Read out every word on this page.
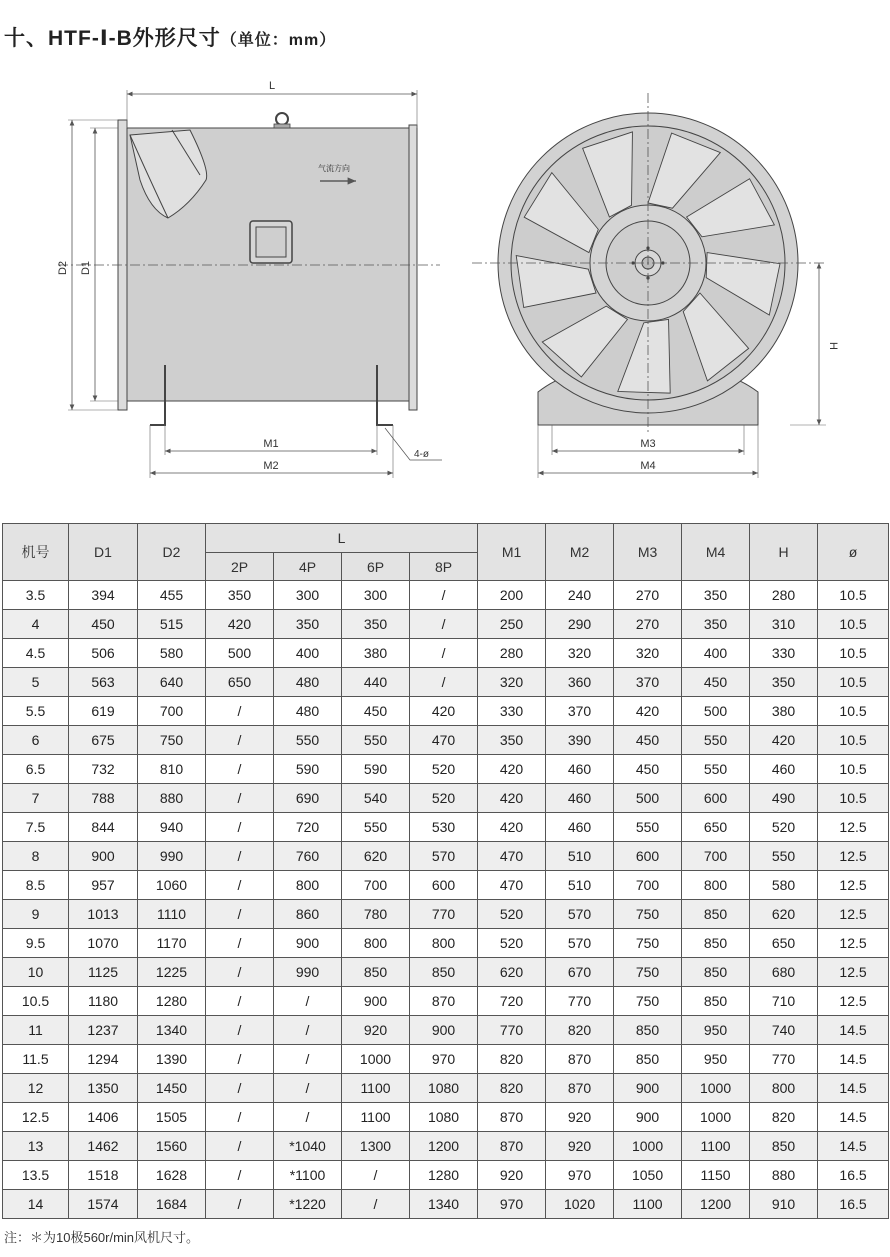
十、HTF-Ⅰ-B外形尺寸（单位：mm）
气流方向
L
D2 D1
M1
M2
4-ø
H
M3
M4
机号	D1	D2	L				M1	M2	M3	M4	H	ø
			2P	4P	6P	8P						
3.5	394	455	350	300	300	/	200	240	270	350	280	10.5
4	450	515	420	350	350	/	250	290	270	350	310	10.5
4.5	506	580	500	400	380	/	280	320	320	400	330	10.5
5	563	640	650	480	440	/	320	360	370	450	350	10.5
5.5	619	700	/	480	450	420	330	370	420	500	380	10.5
6	675	750	/	550	550	470	350	390	450	550	420	10.5
6.5	732	810	/	590	590	520	420	460	450	550	460	10.5
7	788	880	/	690	540	520	420	460	500	600	490	10.5
7.5	844	940	/	720	550	530	420	460	550	650	520	12.5
8	900	990	/	760	620	570	470	510	600	700	550	12.5
8.5	957	1060	/	800	700	600	470	510	700	800	580	12.5
9	1013	1110	/	860	780	770	520	570	750	850	620	12.5
9.5	1070	1170	/	900	800	800	520	570	750	850	650	12.5
10	1125	1225	/	990	850	850	620	670	750	850	680	12.5
10.5	1180	1280	/	/	900	870	720	770	750	850	710	12.5
11	1237	1340	/	/	920	900	770	820	850	950	740	14.5
11.5	1294	1390	/	/	1000	970	820	870	850	950	770	14.5
12	1350	1450	/	/	1100	1080	820	870	900	1000	800	14.5
12.5	1406	1505	/	/	1100	1080	870	920	900	1000	820	14.5
13	1462	1560	/	*1040	1300	1200	870	920	1000	1100	850	14.5
13.5	1518	1628	/	*1100	/	1280	920	970	1050	1150	880	16.5
14	1574	1684	/	*1220	/	1340	970	1020	1100	1200	910	16.5
注：＊为10极560r/min风机尺寸。
